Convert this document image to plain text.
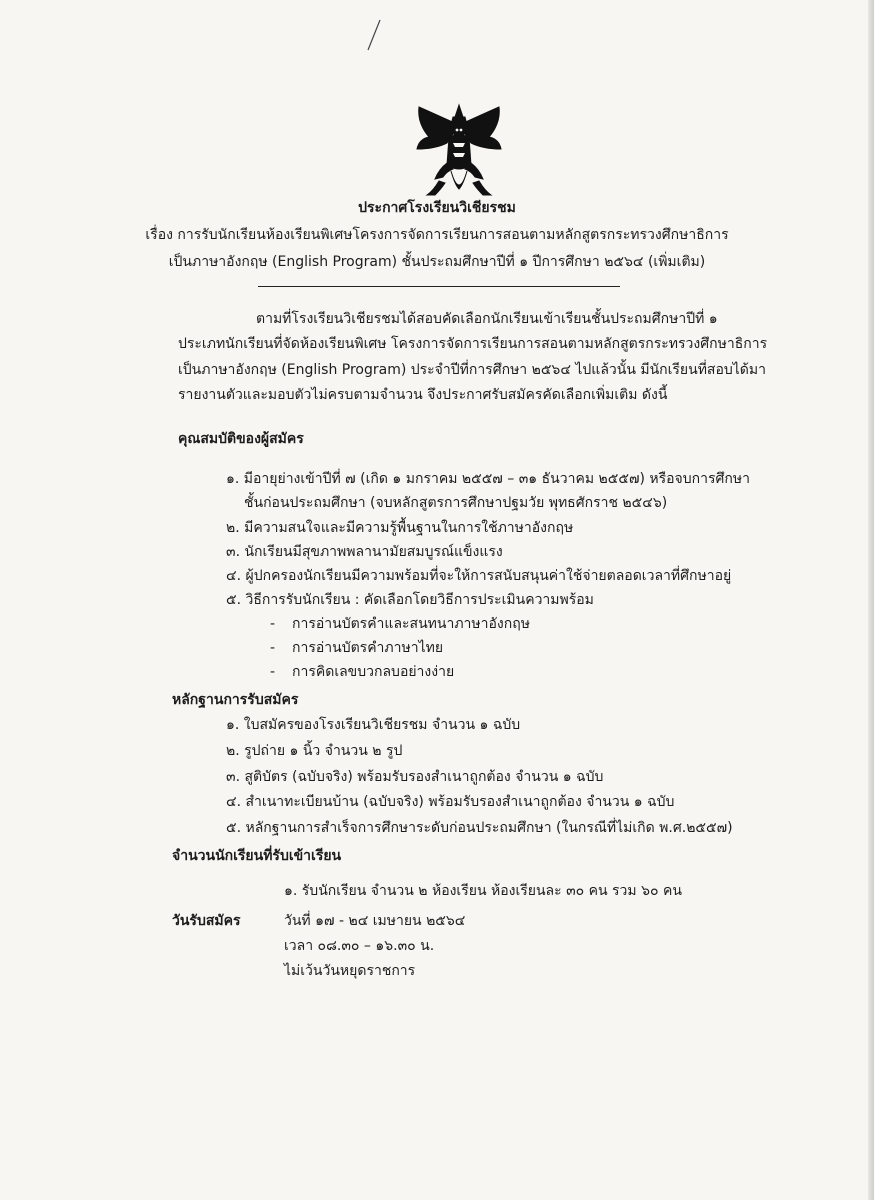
ประกาศโรงเรียนวิเชียรชม

เรื่อง การรับนักเรียนห้องเรียนพิเศษโครงการจัดการเรียนการสอนตามหลักสูตรกระทรวงศึกษาธิการ

เป็นภาษาอังกฤษ (English Program) ชั้นประถมศึกษาปีที่ ๑ ปีการศึกษา ๒๕๖๔ (เพิ่มเติม)

ตามที่โรงเรียนวิเชียรชมได้สอบคัดเลือกนักเรียนเข้าเรียนชั้นประถมศึกษาปีที่ ๑

ประเภทนักเรียนที่จัดห้องเรียนพิเศษ โครงการจัดการเรียนการสอนตามหลักสูตรกระทรวงศึกษาธิการ

เป็นภาษาอังกฤษ (English Program) ประจำปีที่การศึกษา ๒๕๖๔ ไปแล้วนั้น มีนักเรียนที่สอบได้มา

รายงานตัวและมอบตัวไม่ครบตามจำนวน จึงประกาศรับสมัครคัดเลือกเพิ่มเติม ดังนี้

คุณสมบัติของผู้สมัคร

๑. มีอายุย่างเข้าปีที่ ๗ (เกิด ๑ มกราคม ๒๕๕๗ – ๓๑ ธันวาคม ๒๕๕๗) หรือจบการศึกษา

ชั้นก่อนประถมศึกษา (จบหลักสูตรการศึกษาปฐมวัย พุทธศักราช ๒๕๔๖)

๒. มีความสนใจและมีความรู้พื้นฐานในการใช้ภาษาอังกฤษ

๓. นักเรียนมีสุขภาพพลานามัยสมบูรณ์แข็งแรง

๔. ผู้ปกครองนักเรียนมีความพร้อมที่จะให้การสนับสนุนค่าใช้จ่ายตลอดเวลาที่ศึกษาอยู่

๕. วิธีการรับนักเรียน : คัดเลือกโดยวิธีการประเมินความพร้อม

- การอ่านบัตรคำและสนทนาภาษาอังกฤษ

- การอ่านบัตรคำภาษาไทย

- การคิดเลขบวกลบอย่างง่าย

หลักฐานการรับสมัคร

๑. ใบสมัครของโรงเรียนวิเชียรชม จำนวน ๑ ฉบับ

๒. รูปถ่าย ๑ นิ้ว จำนวน ๒ รูป

๓. สูติบัตร (ฉบับจริง) พร้อมรับรองสำเนาถูกต้อง จำนวน ๑ ฉบับ

๔. สำเนาทะเบียนบ้าน (ฉบับจริง) พร้อมรับรองสำเนาถูกต้อง จำนวน ๑ ฉบับ

๕. หลักฐานการสำเร็จการศึกษาระดับก่อนประถมศึกษา (ในกรณีที่ไม่เกิด พ.ศ.๒๕๕๗)

จำนวนนักเรียนที่รับเข้าเรียน

๑. รับนักเรียน จำนวน ๒ ห้องเรียน ห้องเรียนละ ๓๐ คน รวม ๖๐ คน

วันรับสมัคร	วันที่ ๑๗ - ๒๔ เมษายน ๒๕๖๔

เวลา ๐๘.๓๐ – ๑๖.๓๐ น.

ไม่เว้นวันหยุดราชการ
